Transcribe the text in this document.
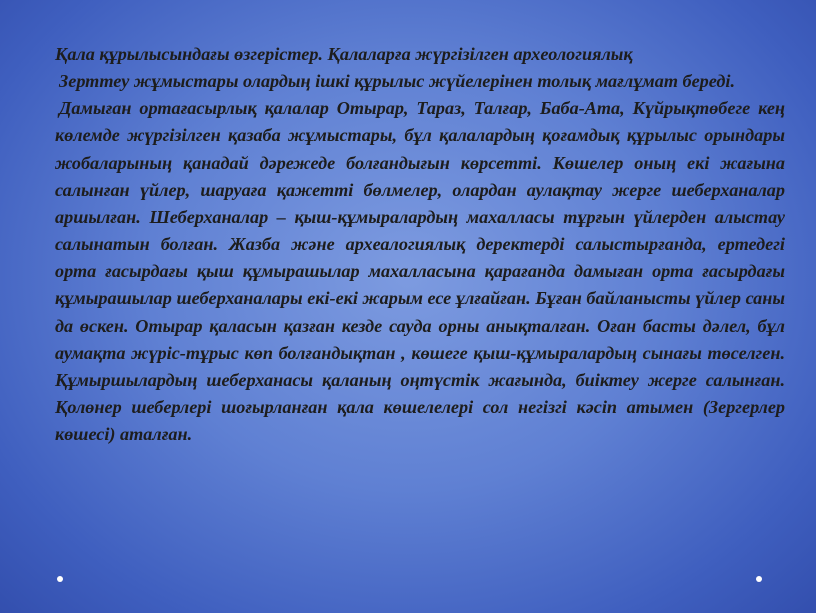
Қала құрылысындағы өзгерістер. Қалаларға жүргізілген археологиялық

Зерттеу жұмыстары олардың ішкі құрылыс жүйелерінен толық мағлұмат береді.

Дамыған ортағасырлық қалалар Отырар, Тараз, Талғар, Баба-Ата, Күйрықтөбеге кең көлемде жүргізілген қазаба жұмыстары, бұл қалалардың қоғамдық құрылыс орындары жобаларының қанадай дәрежеде болғандығын көрсетті. Көшелер оның екі жағына салынған үйлер, шаруаға қажетті бөлмелер, олардан аулақтау жерге шеберханалар аршылған. Шеберханалар – қыш-құмыралардың махалласы тұрғын үйлерден алыстау салынатын болған. Жазба және археалогиялық деректерді салыстырғанда, ертедегі орта ғасырдағы қыш құмырашылар махалласына қарағанда дамыған орта ғасырдағы құмырашылар шеберханалары екі-екі жарым есе ұлғайған. Бұған байланысты үйлер саны да өскен. Отырар қаласын қазған кезде сауда орны анықталған. Оған басты дәлел, бұл аумақта жүріс-тұрыс көп болғандықтан , көшеге қыш-құмыралардың сынағы төселген. Құмыршылардың шеберханасы қаланың оңтүстік жағында, биіктеу жерге салынған. Қолөнер шеберлері шоғырланған қала көшелелері сол негізгі кәсіп атымен (Зергерлер көшесі) аталған.
